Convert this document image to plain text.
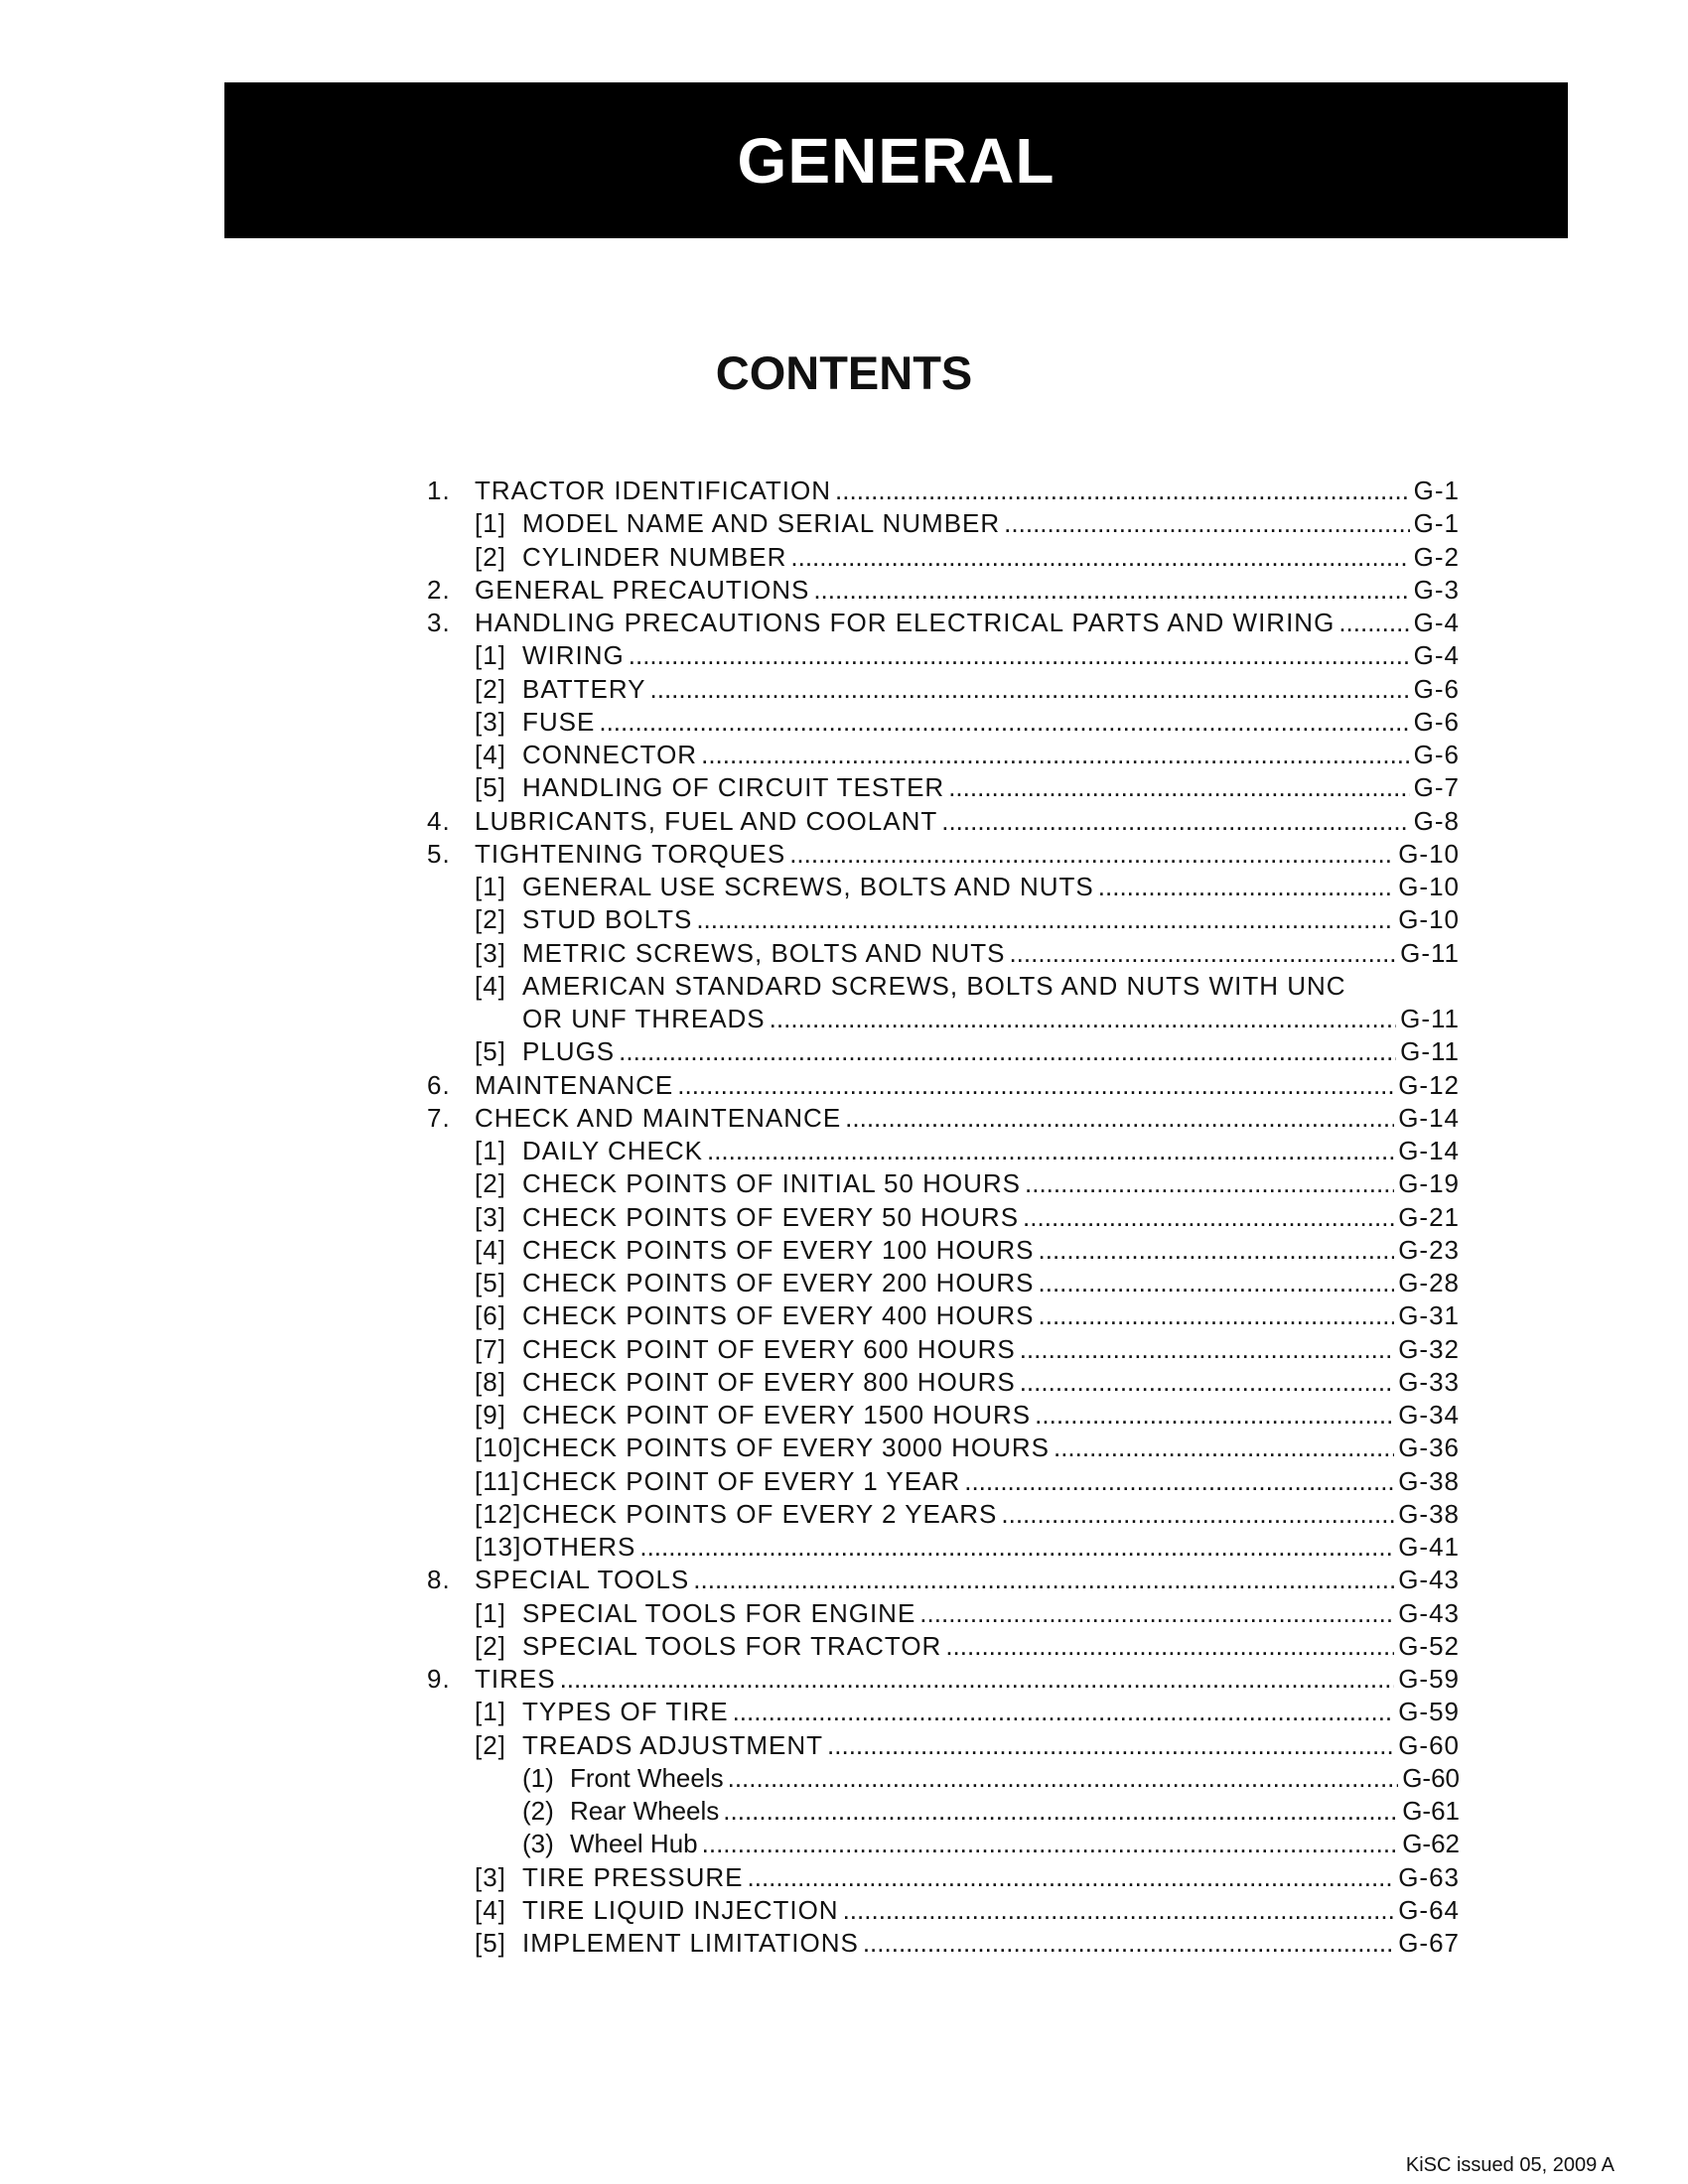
GENERAL
CONTENTS
1. TRACTOR IDENTIFICATION .....	G-1
[1] MODEL NAME AND SERIAL NUMBER .....	G-1
[2] CYLINDER NUMBER .....	G-2
2. GENERAL PRECAUTIONS .....	G-3
3. HANDLING PRECAUTIONS FOR ELECTRICAL PARTS AND WIRING .....	G-4
[1] WIRING .....	G-4
[2] BATTERY .....	G-6
[3] FUSE .....	G-6
[4] CONNECTOR .....	G-6
[5] HANDLING OF CIRCUIT TESTER .....	G-7
4. LUBRICANTS, FUEL AND COOLANT .....	G-8
5. TIGHTENING TORQUES .....	G-10
[1] GENERAL USE SCREWS, BOLTS AND NUTS .....	G-10
[2] STUD BOLTS .....	G-10
[3] METRIC SCREWS, BOLTS AND NUTS .....	G-11
[4] AMERICAN STANDARD SCREWS, BOLTS AND NUTS WITH UNC
OR UNF THREADS .....	G-11
[5] PLUGS .....	G-11
6. MAINTENANCE .....	G-12
7. CHECK AND MAINTENANCE .....	G-14
[1] DAILY CHECK .....	G-14
[2] CHECK POINTS OF INITIAL 50 HOURS .....	G-19
[3] CHECK POINTS OF EVERY 50 HOURS .....	G-21
[4] CHECK POINTS OF EVERY 100 HOURS .....	G-23
[5] CHECK POINTS OF EVERY 200 HOURS .....	G-28
[6] CHECK POINTS OF EVERY 400 HOURS .....	G-31
[7] CHECK POINT OF EVERY 600 HOURS .....	G-32
[8] CHECK POINT OF EVERY 800 HOURS .....	G-33
[9] CHECK POINT OF EVERY 1500 HOURS .....	G-34
[10] CHECK POINTS OF EVERY 3000 HOURS .....	G-36
[11] CHECK POINT OF EVERY 1 YEAR .....	G-38
[12] CHECK POINTS OF EVERY 2 YEARS .....	G-38
[13] OTHERS .....	G-41
8. SPECIAL TOOLS .....	G-43
[1] SPECIAL TOOLS FOR ENGINE .....	G-43
[2] SPECIAL TOOLS FOR TRACTOR .....	G-52
9. TIRES .....	G-59
[1] TYPES OF TIRE .....	G-59
[2] TREADS ADJUSTMENT .....	G-60
(1) Front Wheels .....	G-60
(2) Rear Wheels .....	G-61
(3) Wheel Hub .....	G-62
[3] TIRE PRESSURE .....	G-63
[4] TIRE LIQUID INJECTION .....	G-64
[5] IMPLEMENT LIMITATIONS .....	G-67
KiSC issued 05, 2009 A
